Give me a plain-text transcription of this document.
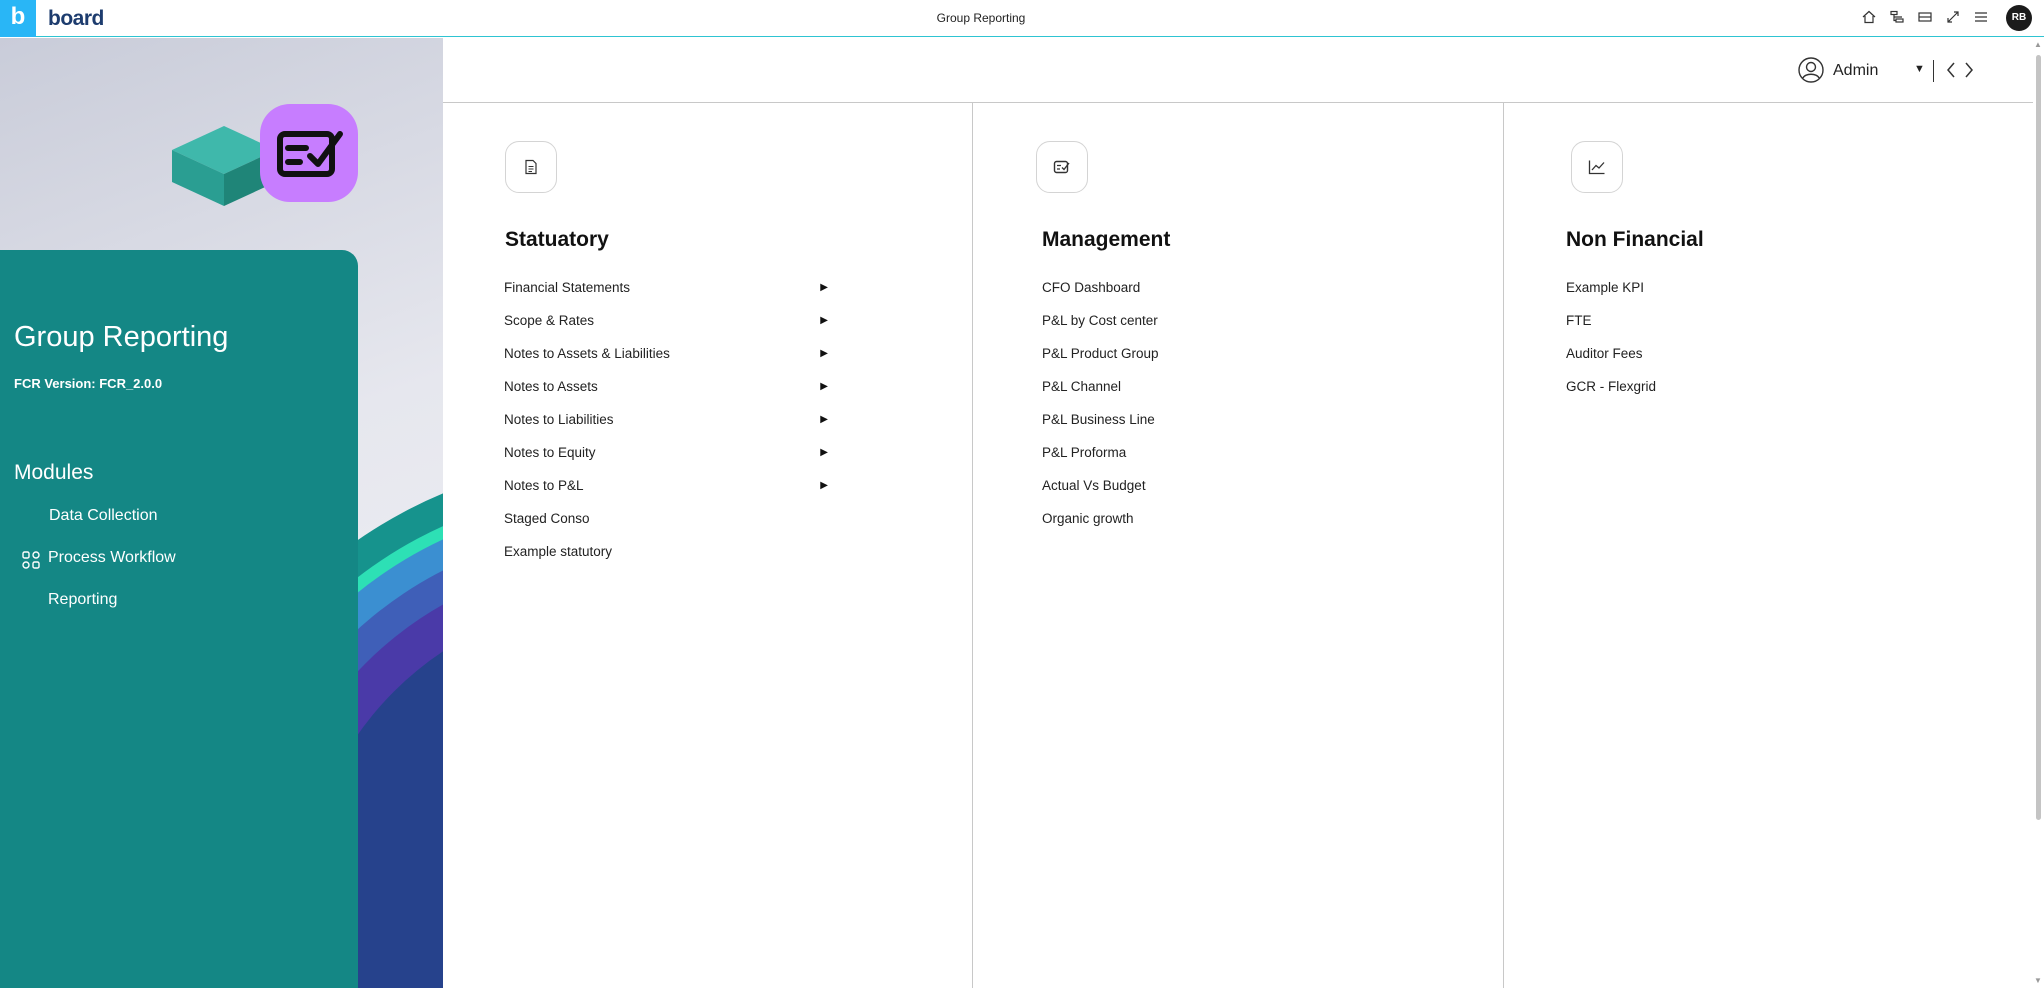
b	board	Group Reporting	RB
Group Reporting
FCR Version: FCR_2.0.0
Modules
Data Collection
Process Workflow
Reporting
Admin	▼
Statuatory
Financial Statements	▶
Scope & Rates	▶
Notes to Assets & Liabilities	▶
Notes to Assets	▶
Notes to Liabilities	▶
Notes to Equity	▶
Notes to P&L	▶
Staged Conso
Example statutory
Management
CFO Dashboard
P&L by Cost center
P&L Product Group
P&L Channel
P&L Business Line
P&L Proforma
Actual Vs Budget
Organic growth
Non Financial
Example KPI
FTE
Auditor Fees
GCR - Flexgrid
▲
▼
